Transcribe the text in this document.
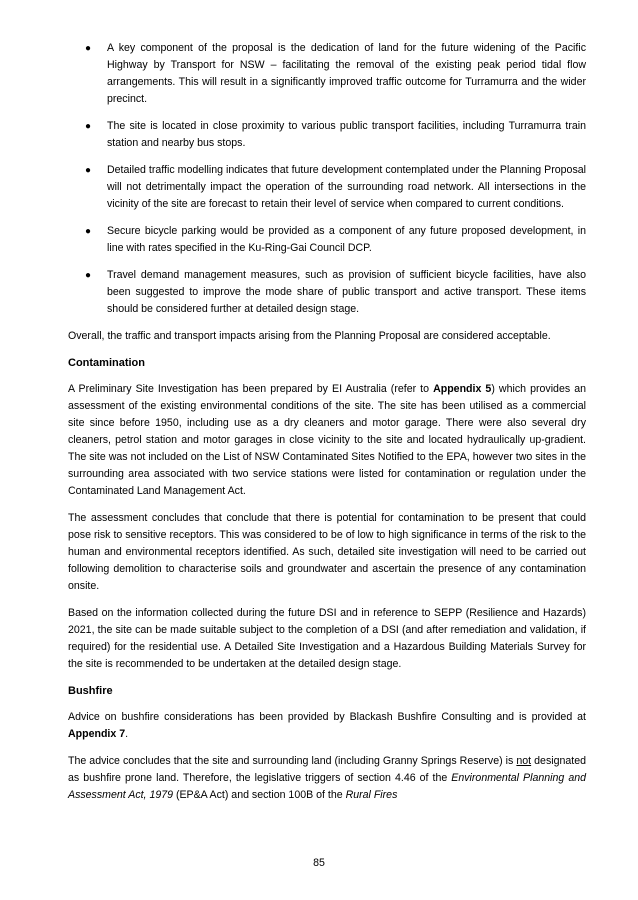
● A key component of the proposal is the dedication of land for the future widening of the Pacific Highway by Transport for NSW – facilitating the removal of the existing peak period tidal flow arrangements. This will result in a significantly improved traffic outcome for Turramurra and the wider precinct.
● The site is located in close proximity to various public transport facilities, including Turramurra train station and nearby bus stops.
● Detailed traffic modelling indicates that future development contemplated under the Planning Proposal will not detrimentally impact the operation of the surrounding road network. All intersections in the vicinity of the site are forecast to retain their level of service when compared to current conditions.
● Secure bicycle parking would be provided as a component of any future proposed development, in line with rates specified in the Ku-Ring-Gai Council DCP.
● Travel demand management measures, such as provision of sufficient bicycle facilities, have also been suggested to improve the mode share of public transport and active transport. These items should be considered further at detailed design stage.

Overall, the traffic and transport impacts arising from the Planning Proposal are considered acceptable.

Contamination

A Preliminary Site Investigation has been prepared by EI Australia (refer to Appendix 5) which provides an assessment of the existing environmental conditions of the site. The site has been utilised as a commercial site since before 1950, including use as a dry cleaners and motor garage. There were also several dry cleaners, petrol station and motor garages in close vicinity to the site and located hydraulically up-gradient. The site was not included on the List of NSW Contaminated Sites Notified to the EPA, however two sites in the surrounding area associated with two service stations were listed for contamination or regulation under the Contaminated Land Management Act.

The assessment concludes that conclude that there is potential for contamination to be present that could pose risk to sensitive receptors. This was considered to be of low to high significance in terms of the risk to the human and environmental receptors identified. As such, detailed site investigation will need to be carried out following demolition to characterise soils and groundwater and ascertain the presence of any contamination onsite.

Based on the information collected during the future DSI and in reference to SEPP (Resilience and Hazards) 2021, the site can be made suitable subject to the completion of a DSI (and after remediation and validation, if required) for the residential use. A Detailed Site Investigation and a Hazardous Building Materials Survey for the site is recommended to be undertaken at the detailed design stage.

Bushfire

Advice on bushfire considerations has been provided by Blackash Bushfire Consulting and is provided at Appendix 7.

The advice concludes that the site and surrounding land (including Granny Springs Reserve) is not designated as bushfire prone land. Therefore, the legislative triggers of section 4.46 of the Environmental Planning and Assessment Act, 1979 (EP&A Act) and section 100B of the Rural Fires

85
